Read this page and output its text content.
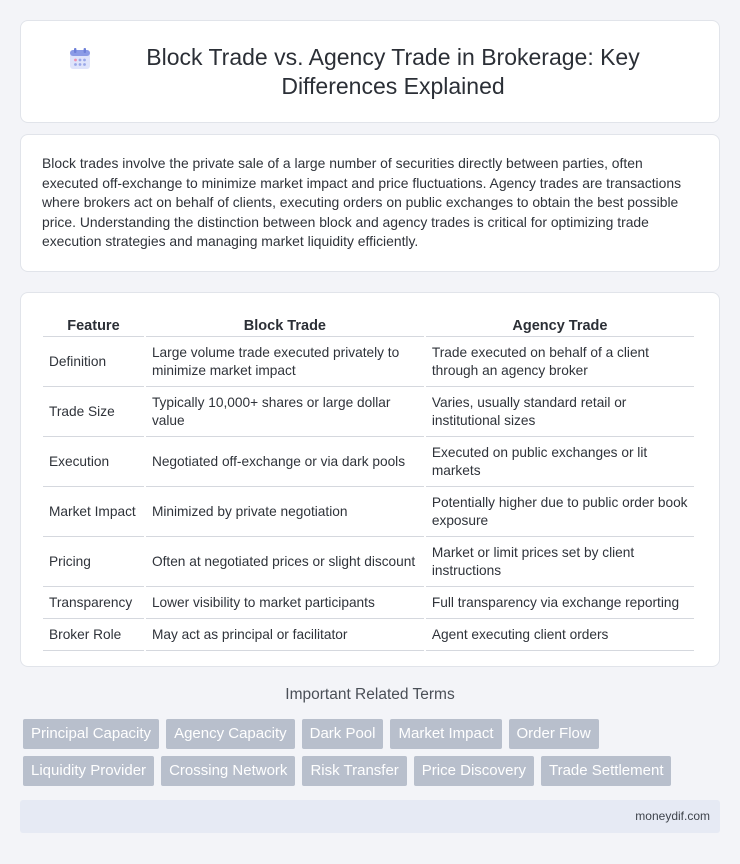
Block Trade vs. Agency Trade in Brokerage: Key Differences Explained

Block trades involve the private sale of a large number of securities directly between parties, often executed off-exchange to minimize market impact and price fluctuations. Agency trades are transactions where brokers act on behalf of clients, executing orders on public exchanges to obtain the best possible price. Understanding the distinction between block and agency trades is critical for optimizing trade execution strategies and managing market liquidity efficiently.

Feature	Block Trade	Agency Trade
Definition	Large volume trade executed privately to minimize market impact	Trade executed on behalf of a client through an agency broker
Trade Size	Typically 10,000+ shares or large dollar value	Varies, usually standard retail or institutional sizes
Execution	Negotiated off-exchange or via dark pools	Executed on public exchanges or lit markets
Market Impact	Minimized by private negotiation	Potentially higher due to public order book exposure
Pricing	Often at negotiated prices or slight discount	Market or limit prices set by client instructions
Transparency	Lower visibility to market participants	Full transparency via exchange reporting
Broker Role	May act as principal or facilitator	Agent executing client orders
Important Related Terms
Principal Capacity	Agency Capacity	Dark Pool	Market Impact	Order Flow
Liquidity Provider	Crossing Network	Risk Transfer	Price Discovery	Trade Settlement
moneydif.com
